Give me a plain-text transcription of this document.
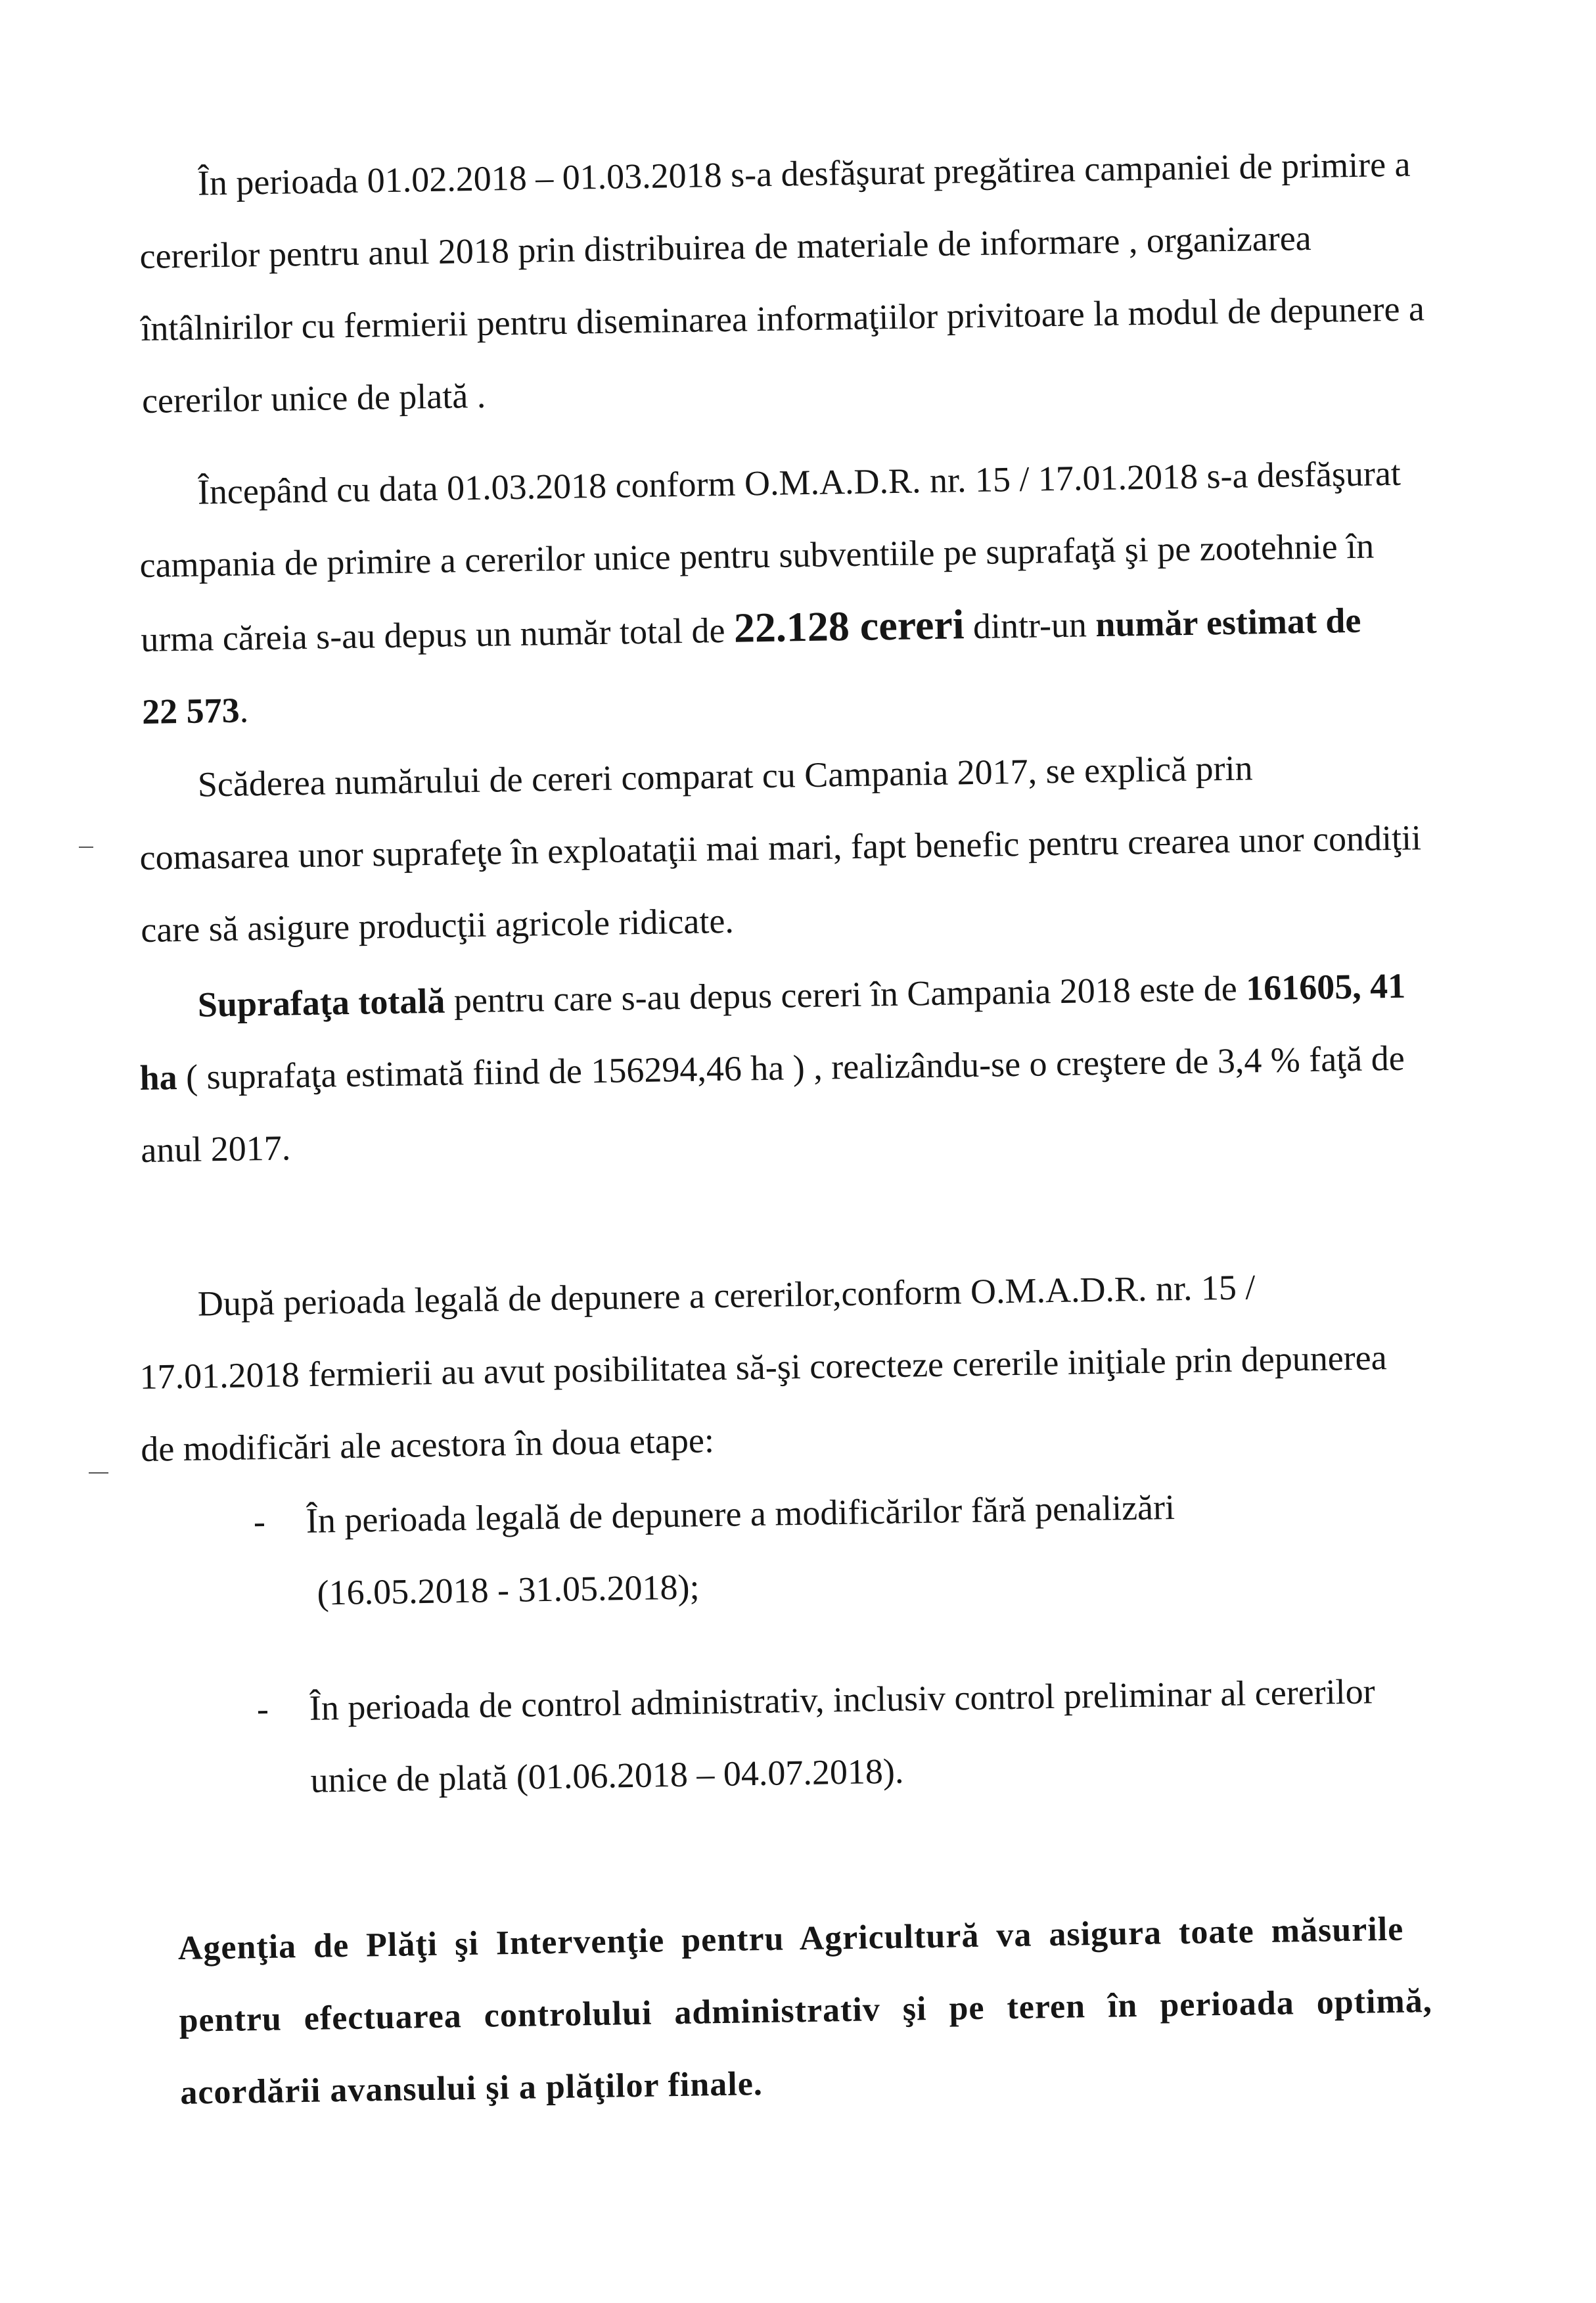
În perioada 01.02.2018 – 01.03.2018 s-a desfăşurat pregătirea campaniei de primire a
cererilor pentru anul 2018 prin distribuirea de materiale de informare , organizarea
întâlnirilor cu fermierii pentru diseminarea informaţiilor privitoare la modul de depunere a
cererilor unice de plată .
Începând cu data 01.03.2018 conform O.M.A.D.R. nr. 15 / 17.01.2018 s-a desfăşurat
campania de primire a cererilor unice pentru subventiile pe suprafaţă şi pe zootehnie în
urma căreia s-au depus un număr total de 22.128 cereri dintr-un număr estimat de
22 573.
Scăderea numărului de cereri comparat cu Campania 2017, se explică prin
comasarea unor suprafeţe în exploataţii mai mari, fapt benefic pentru crearea unor condiţii
care să asigure producţii agricole ridicate.
Suprafaţa totală pentru care s-au depus cereri în Campania 2018 este de 161605, 41
ha ( suprafaţa estimată fiind de 156294,46 ha ) , realizându-se o creştere de 3,4 % faţă de
anul 2017.
După perioada legală de depunere a cererilor,conform O.M.A.D.R. nr. 15 /
17.01.2018 fermierii au avut posibilitatea să-şi corecteze cererile iniţiale prin depunerea
de modificări ale acestora în doua etape:
- În perioada legală de depunere a modificărilor fără penalizări
(16.05.2018 - 31.05.2018);
- În perioada de control administrativ, inclusiv control preliminar al cererilor
unice de plată (01.06.2018 – 04.07.2018).
Agenţia de Plăţi şi Intervenţie pentru Agricultură va asigura toate măsurile
pentru efectuarea controlului administrativ şi pe teren în perioada optimă,
acordării avansului şi a plăţilor finale.
